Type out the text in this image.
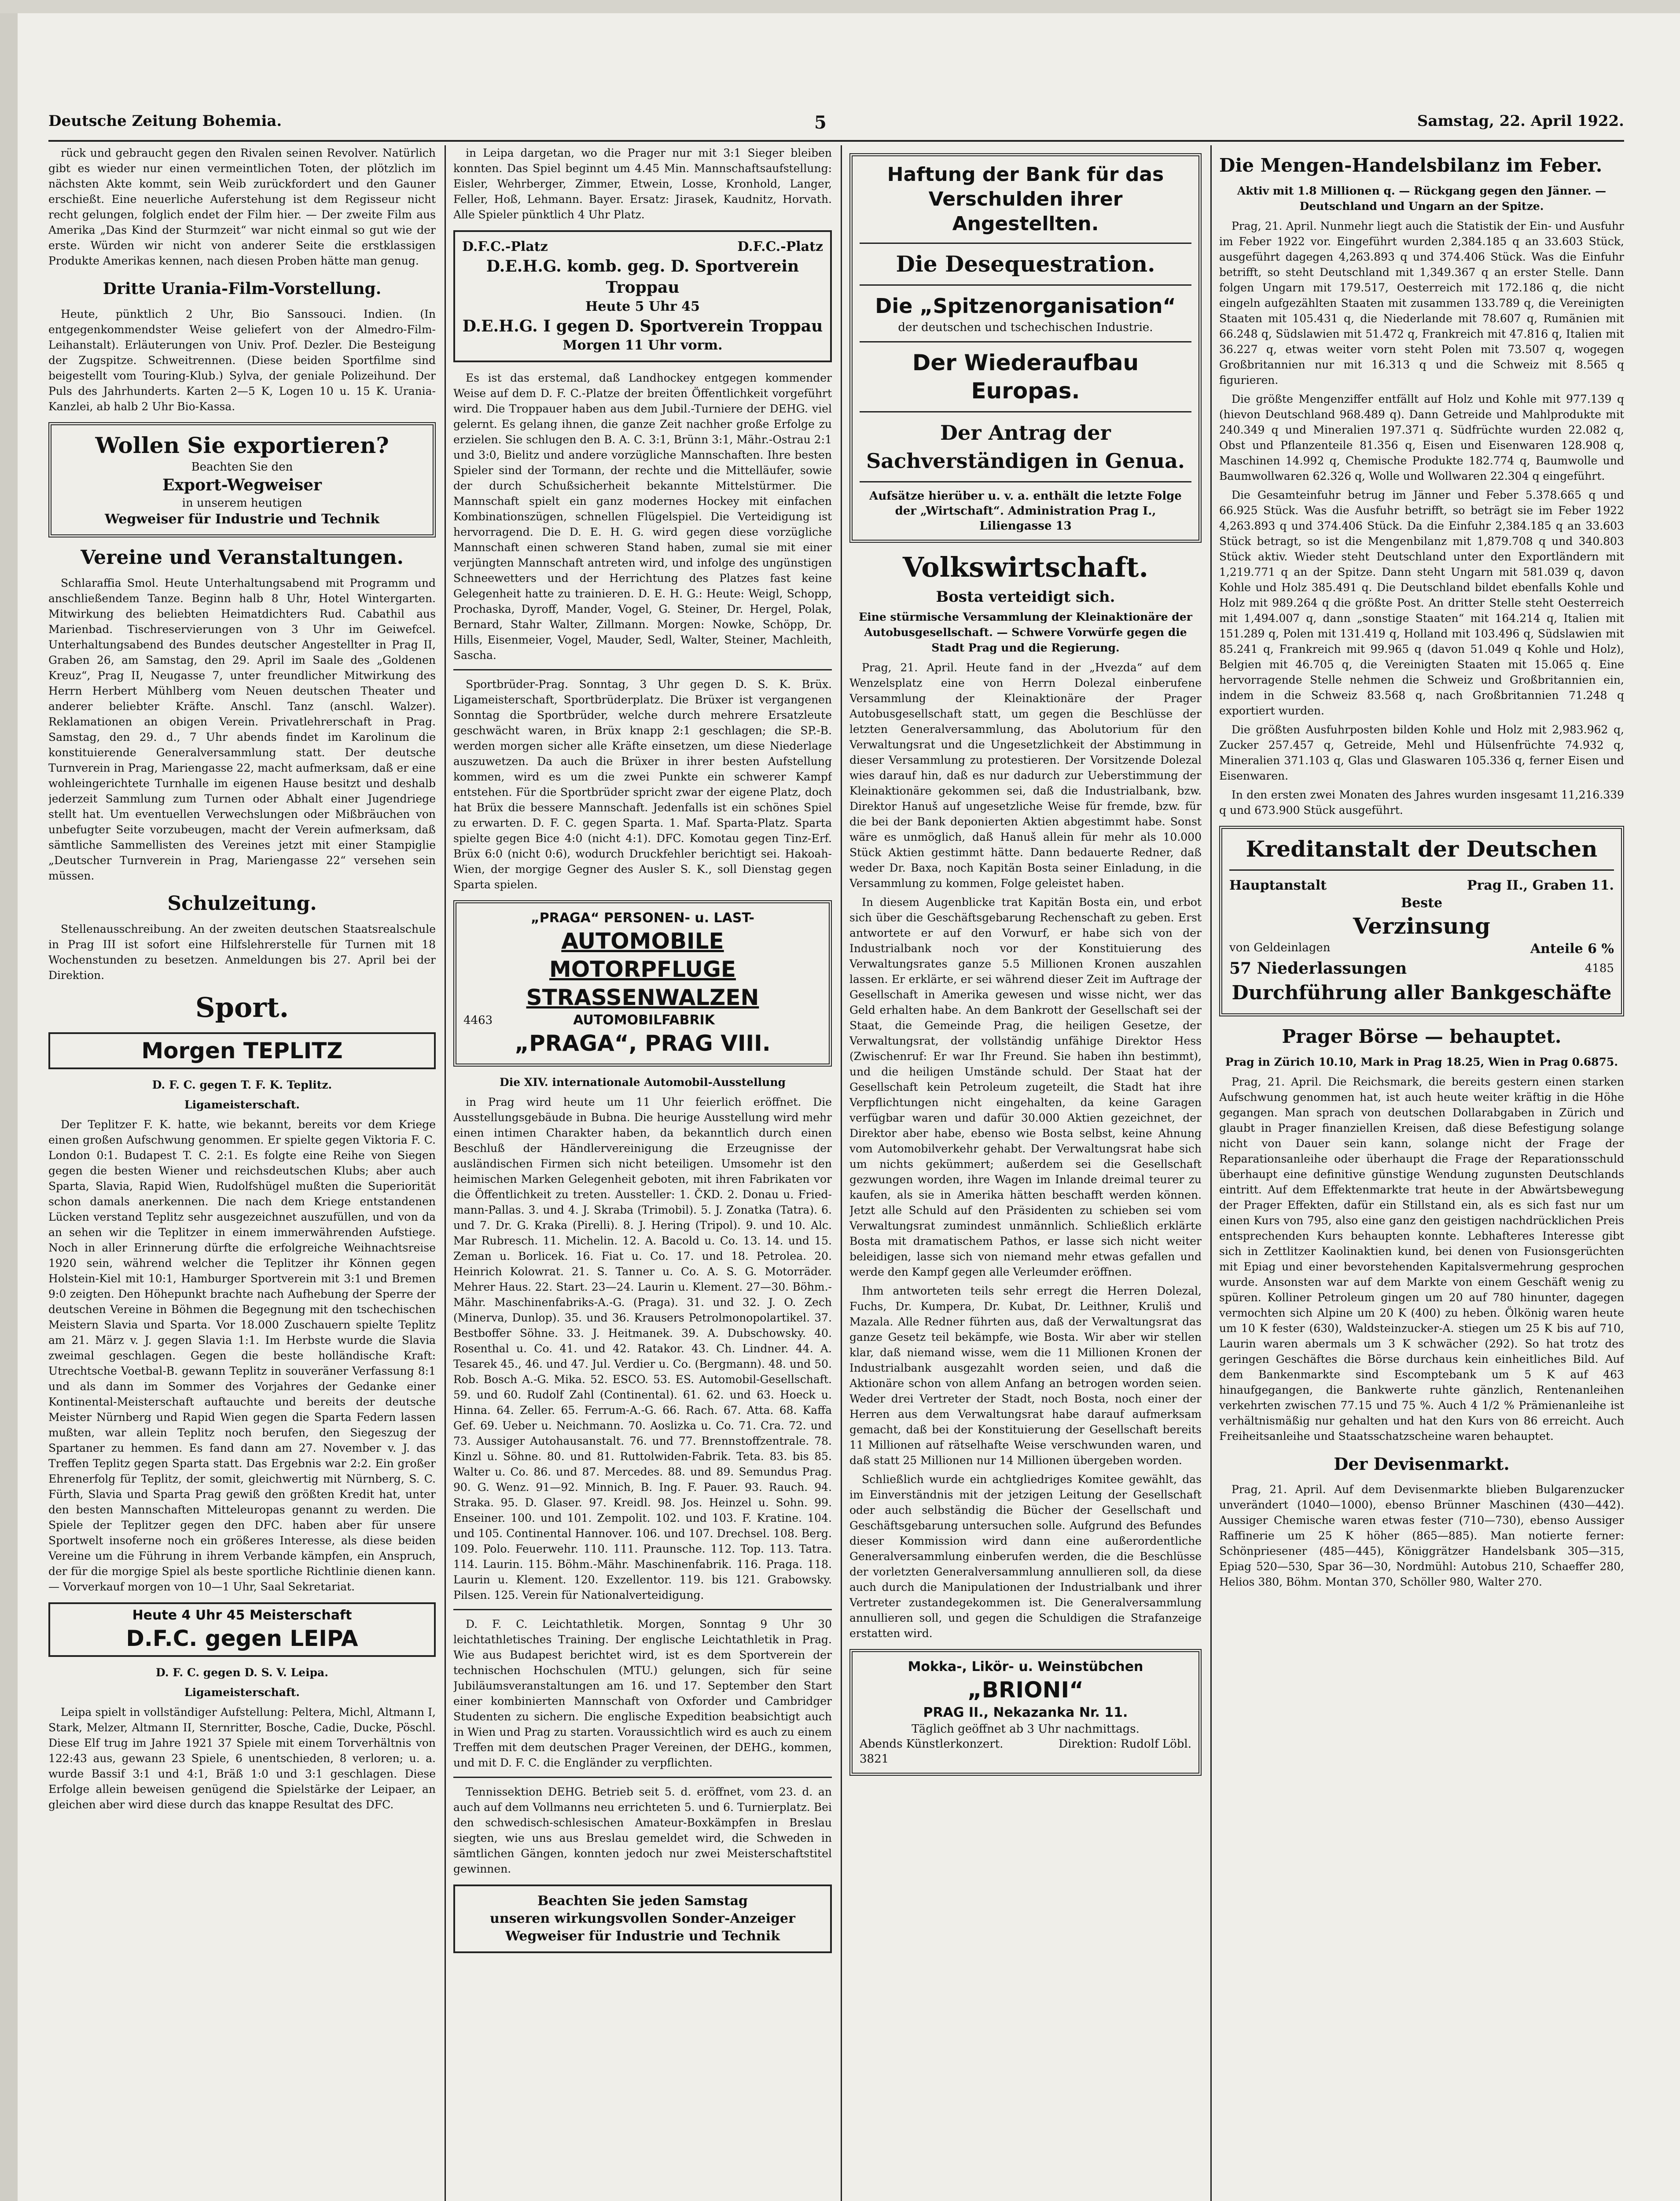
Deutsche Zeitung Bohemia.	5	Samstag, 22. April 1922.

rück und gebraucht gegen den Rivalen seinen Revolver. Natürlich gibt es wieder nur einen vermeintlichen Toten, der plötzlich im nächsten Akte kommt, sein Weib zurückfordert und den Gauner erschießt. Eine neuerliche Auferstehung ist dem Regisseur nicht recht gelungen, folglich endet der Film hier. — Der zweite Film aus Amerika „Das Kind der Sturmzeit“ war nicht einmal so gut wie der erste. Würden wir nicht von anderer Seite die erstklassigen Produkte Amerikas kennen, nach diesen Proben hätte man genug.

Dritte Urania-Film-Vorstellung.

Heute, pünktlich 2 Uhr, Bio Sanssouci. Indien. (In entgegenkommendster Weise geliefert von der Almedro-Film-Leihanstalt). Erläuterungen von Univ. Prof. Dezler. Die Besteigung der Zugspitze. Schweitrennen. (Diese beiden Sportfilme sind beigestellt vom Touring-Klub.) Sylva, der geniale Polizeihund. Der Puls des Jahrhunderts. Karten 2—5 K, Logen 10 u. 15 K. Urania-Kanzlei, ab halb 2 Uhr Bio-Kassa.

Wollen Sie exportieren?
Beachten Sie den
Export-Wegweiser
in unserem heutigen
Wegweiser für Industrie und Technik
Vereine und Veranstaltungen.

Schlaraffia Smol. Heute Unterhaltungsabend mit Programm und anschließendem Tanze. Beginn halb 8 Uhr, Hotel Wintergarten. Mitwirkung des beliebten Heimatdichters Rud. Cabathil aus Marienbad. Tischreservierungen von 3 Uhr im Geiwefcel. Unterhaltungsabend des Bundes deutscher Angestellter in Prag II, Graben 26, am Samstag, den 29. April im Saale des „Goldenen Kreuz“, Prag II, Neugasse 7, unter freundlicher Mitwirkung des Herrn Herbert Mühlberg vom Neuen deutschen Theater und anderer beliebter Kräfte. Anschl. Tanz (anschl. Walzer). Reklamationen an obigen Verein. Privatlehrerschaft in Prag. Samstag, den 29. d., 7 Uhr abends findet im Karolinum die konstituierende Generalversammlung statt. Der deutsche Turnverein in Prag, Mariengasse 22, macht aufmerksam, daß er eine wohleingerichtete Turnhalle im eigenen Hause besitzt und deshalb jederzeit Sammlung zum Turnen oder Abhalt einer Jugendriege stellt hat. Um eventuellen Verwechslungen oder Mißbräuchen von unbefugter Seite vorzubeugen, macht der Verein aufmerksam, daß sämtliche Sammellisten des Vereines jetzt mit einer Stampiglie „Deutscher Turnverein in Prag, Mariengasse 22“ versehen sein müssen.

Schulzeitung.

Stellenausschreibung. An der zweiten deutschen Staatsrealschule in Prag III ist sofort eine Hilfslehrerstelle für Turnen mit 18 Wochenstunden zu besetzen. Anmeldungen bis 27. April bei der Direktion.

Sport.
Morgen TEPLITZ
D. F. C. gegen T. F. K. Teplitz.
Ligameisterschaft.

Der Teplitzer F. K. hatte, wie bekannt, bereits vor dem Kriege einen großen Aufschwung genommen. Er spielte gegen Viktoria F. C. London 0:1. Budapest T. C. 2:1. Es folgte eine Reihe von Siegen gegen die besten Wiener und reichsdeutschen Klubs; aber auch Sparta, Slavia, Rapid Wien, Rudolfshügel mußten die Superiorität schon damals anerkennen. Die nach dem Kriege entstandenen Lücken verstand Teplitz sehr ausgezeichnet auszufüllen, und von da an sehen wir die Teplitzer in einem immerwährenden Aufstiege. Noch in aller Erinnerung dürfte die erfolgreiche Weihnachtsreise 1920 sein, während welcher die Teplitzer ihr Können gegen Holstein-Kiel mit 10:1, Hamburger Sportverein mit 3:1 und Bremen 9:0 zeigten. Den Höhepunkt brachte nach Aufhebung der Sperre der deutschen Vereine in Böhmen die Begegnung mit den tschechischen Meistern Slavia und Sparta. Vor 18.000 Zuschauern spielte Teplitz am 21. März v. J. gegen Slavia 1:1. Im Herbste wurde die Slavia zweimal geschlagen. Gegen die beste holländische Kraft: Utrechtsche Voetbal-B. gewann Teplitz in souveräner Verfassung 8:1 und als dann im Sommer des Vorjahres der Gedanke einer Kontinental-Meisterschaft auftauchte und bereits der deutsche Meister Nürnberg und Rapid Wien gegen die Sparta Federn lassen mußten, war allein Teplitz noch berufen, den Siegeszug der Spartaner zu hemmen. Es fand dann am 27. November v. J. das Treffen Teplitz gegen Sparta statt. Das Ergebnis war 2:2. Ein großer Ehrenerfolg für Teplitz, der somit, gleichwertig mit Nürnberg, S. C. Fürth, Slavia und Sparta Prag gewiß den größten Kredit hat, unter den besten Mannschaften Mitteleuropas genannt zu werden. Die Spiele der Teplitzer gegen den DFC. haben aber für unsere Sportwelt insoferne noch ein größeres Interesse, als diese beiden Vereine um die Führung in ihrem Verbande kämpfen, ein Anspruch, der für die morgige Spiel als beste sportliche Richtlinie dienen kann. — Vorverkauf morgen von 10—1 Uhr, Saal Sekretariat.

Heute 4 Uhr 45 Meisterschaft
D.F.C. gegen LEIPA
D. F. C. gegen D. S. V. Leipa.
Ligameisterschaft.

Leipa spielt in vollständiger Aufstellung: Peltera, Michl, Altmann I, Stark, Melzer, Altmann II, Sternritter, Bosche, Cadie, Ducke, Pöschl. Diese Elf trug im Jahre 1921 37 Spiele mit einem Torverhältnis von 122:43 aus, gewann 23 Spiele, 6 unentschieden, 8 verloren; u. a. wurde Bassif 3:1 und 4:1, Bräß 1:0 und 3:1 geschlagen. Diese Erfolge allein beweisen genügend die Spielstärke der Leipaer, an gleichen aber wird diese durch das knappe Resultat des DFC.

in Leipa dargetan, wo die Prager nur mit 3:1 Sieger bleiben konnten. Das Spiel beginnt um 4.45 Min. Mannschaftsaufstellung: Eisler, Wehrberger, Zimmer, Etwein, Losse, Kronhold, Langer, Feller, Hoß, Lehmann. Bayer. Ersatz: Jirasek, Kaudnitz, Horvath. Alle Spieler pünktlich 4 Uhr Platz.

D.F.C.-Platz	D.F.C.-Platz
D.E.H.G. komb. geg. D. Sportverein Troppau
Heute 5 Uhr 45
D.E.H.G. I gegen D. Sportverein Troppau
Morgen 11 Uhr vorm.

Es ist das erstemal, daß Landhockey entgegen kommender Weise auf dem D. F. C.-Platze der breiten Öffentlichkeit vorgeführt wird. Die Troppauer haben aus dem Jubil.-Turniere der DEHG. viel gelernt. Es gelang ihnen, die ganze Zeit nachher große Erfolge zu erzielen. Sie schlugen den B. A. C. 3:1, Brünn 3:1, Mähr.-Ostrau 2:1 und 3:0, Bielitz und andere vorzügliche Mannschaften. Ihre besten Spieler sind der Tormann, der rechte und die Mittelläufer, sowie der durch Schußsicherheit bekannte Mittelstürmer. Die Mannschaft spielt ein ganz modernes Hockey mit einfachen Kombinationszügen, schnellen Flügelspiel. Die Verteidigung ist hervorragend. Die D. E. H. G. wird gegen diese vorzügliche Mannschaft einen schweren Stand haben, zumal sie mit einer verjüngten Mannschaft antreten wird, und infolge des ungünstigen Schneewetters und der Herrichtung des Platzes fast keine Gelegenheit hatte zu trainieren. D. E. H. G.: Heute: Weigl, Schopp, Prochaska, Dyroff, Mander, Vogel, G. Steiner, Dr. Hergel, Polak, Bernard, Stahr Walter, Zillmann. Morgen: Nowke, Schöpp, Dr. Hills, Eisenmeier, Vogel, Mauder, Sedl, Walter, Steiner, Machleith, Sascha.

Sportbrüder-Prag. Sonntag, 3 Uhr gegen D. S. K. Brüx. Ligameisterschaft, Sportbrüderplatz. Die Brüxer ist vergangenen Sonntag die Sportbrüder, welche durch mehrere Ersatzleute geschwächt waren, in Brüx knapp 2:1 geschlagen; die SP.-B. werden morgen sicher alle Kräfte einsetzen, um diese Niederlage auszuwetzen. Da auch die Brüxer in ihrer besten Aufstellung kommen, wird es um die zwei Punkte ein schwerer Kampf entstehen. Für die Sportbrüder spricht zwar der eigene Platz, doch hat Brüx die bessere Mannschaft. Jedenfalls ist ein schönes Spiel zu erwarten. D. F. C. gegen Sparta. 1. Maf. Sparta-Platz. Sparta spielte gegen Bice 4:0 (nicht 4:1). DFC. Komotau gegen Tinz-Erf. Brüx 6:0 (nicht 0:6), wodurch Druckfehler berichtigt sei. Hakoah-Wien, der morgige Gegner des Ausler S. K., soll Dienstag gegen Sparta spielen.

„PRAGA“ PERSONEN- u. LAST-
AUTOMOBILE
MOTORPFLUGE
STRASSENWALZEN
4463	AUTOMOBILFABRIK
„PRAGA“, PRAG VIII.
Die XIV. internationale Automobil-Ausstellung

in Prag wird heute um 11 Uhr feierlich eröffnet. Die Ausstellungsgebäude in Bubna. Die heurige Ausstellung wird mehr einen intimen Charakter haben, da bekanntlich durch einen Beschluß der Händlervereinigung die Erzeugnisse der ausländischen Firmen sich nicht beteiligen. Umsomehr ist den heimischen Marken Gelegenheit geboten, mit ihren Fabrikaten vor die Öffentlichkeit zu treten. Aussteller: 1. ČKD. 2. Donau u. Fried-mann-Pallas. 3. und 4. J. Skraba (Trimobil). 5. J. Zonatka (Tatra). 6. und 7. Dr. G. Kraka (Pirelli). 8. J. Hering (Tripol). 9. und 10. Alc. Mar Rubresch. 11. Michelin. 12. A. Bacold u. Co. 13. 14. und 15. Zeman u. Borlicek. 16. Fiat u. Co. 17. und 18. Petrolea. 20. Heinrich Kolowrat. 21. S. Tanner u. Co. A. S. G. Motorräder. Mehrer Haus. 22. Start. 23—24. Laurin u. Klement. 27—30. Böhm.-Mähr. Maschinenfabriks-A.-G. (Praga). 31. und 32. J. O. Zech (Minerva, Dunlop). 35. und 36. Krausers Petrolmonopolartikel. 37. Bestboffer Söhne. 33. J. Heitmanek. 39. A. Dubschowsky. 40. Rosenthal u. Co. 41. und 42. Ratakor. 43. Ch. Lindner. 44. A. Tesarek 45., 46. und 47. Jul. Verdier u. Co. (Bergmann). 48. und 50. Rob. Bosch A.-G. Mika. 52. ESCO. 53. ES. Automobil-Gesellschaft. 59. und 60. Rudolf Zahl (Continental). 61. 62. und 63. Hoeck u. Hinna. 64. Zeller. 65. Ferrum-A.-G. 66. Rach. 67. Atta. 68. Kaffa Gef. 69. Ueber u. Neichmann. 70. Aoslizka u. Co. 71. Cra. 72. und 73. Aussiger Autohausanstalt. 76. und 77. Brennstoffzentrale. 78. Kinzl u. Söhne. 80. und 81. Ruttolwiden-Fabrik. Teta. 83. bis 85. Walter u. Co. 86. und 87. Mercedes. 88. und 89. Semundus Prag. 90. G. Wenz. 91—92. Minnich, B. Ing. F. Pauer. 93. Rauch. 94. Straka. 95. D. Glaser. 97. Kreidl. 98. Jos. Heinzel u. Sohn. 99. Enseiner. 100. und 101. Zempolit. 102. und 103. F. Kratine. 104. und 105. Continental Hannover. 106. und 107. Drechsel. 108. Berg. 109. Polo. Feuerwehr. 110. 111. Praunsche. 112. Top. 113. Tatra. 114. Laurin. 115. Böhm.-Mähr. Maschinenfabrik. 116. Praga. 118. Laurin u. Klement. 120. Exzellentor. 119. bis 121. Grabowsky. Pilsen. 125. Verein für Nationalverteidigung.

D. F. C. Leichtathletik. Morgen, Sonntag 9 Uhr 30 leichtathletisches Training. Der englische Leichtathletik in Prag. Wie aus Budapest berichtet wird, ist es dem Sportverein der technischen Hochschulen (MTU.) gelungen, sich für seine Jubiläumsveranstaltungen am 16. und 17. September den Start einer kombinierten Mannschaft von Oxforder und Cambridger Studenten zu sichern. Die englische Expedition beabsichtigt auch in Wien und Prag zu starten. Voraussichtlich wird es auch zu einem Treffen mit dem deutschen Prager Vereinen, der DEHG., kommen, und mit D. F. C. die Engländer zu verpflichten.

Tennissektion DEHG. Betrieb seit 5. d. eröffnet, vom 23. d. an auch auf dem Vollmanns neu errichteten 5. und 6. Turnierplatz. Bei den schwedisch-schlesischen Amateur-Boxkämpfen in Breslau siegten, wie uns aus Breslau gemeldet wird, die Schweden in sämtlichen Gängen, konnten jedoch nur zwei Meisterschaftstitel gewinnen.

Beachten Sie jeden Samstag
unseren wirkungsvollen Sonder-Anzeiger
Wegweiser für Industrie und Technik
Haftung der Bank für das Verschulden ihrer Angestellten.
Die Desequestration.
Die „Spitzenorganisation“
der deutschen und tschechischen Industrie.
Der Wiederaufbau Europas.
Der Antrag der Sachverständigen in Genua.
Aufsätze hierüber u. v. a. enthält die letzte Folge der „Wirtschaft“. Administration Prag I., Liliengasse 13
Volkswirtschaft.
Bosta verteidigt sich.
Eine stürmische Versammlung der Kleinaktionäre der Autobusgesellschaft. — Schwere Vorwürfe gegen die Stadt Prag und die Regierung.

Prag, 21. April. Heute fand in der „Hvezda“ auf dem Wenzelsplatz eine von Herrn Dolezal einberufene Versammlung der Kleinaktionäre der Prager Autobusgesellschaft statt, um gegen die Beschlüsse der letzten Generalversammlung, das Abolutorium für den Verwaltungsrat und die Ungesetzlichkeit der Abstimmung in dieser Versammlung zu protestieren. Der Vorsitzende Dolezal wies darauf hin, daß es nur dadurch zur Ueberstimmung der Kleinaktionäre gekommen sei, daß die Industrialbank, bzw. Direktor Hanuš auf ungesetzliche Weise für fremde, bzw. für die bei der Bank deponierten Aktien abgestimmt habe. Sonst wäre es unmöglich, daß Hanuš allein für mehr als 10.000 Stück Aktien gestimmt hätte. Dann bedauerte Redner, daß weder Dr. Baxa, noch Kapitän Bosta seiner Einladung, in die Versammlung zu kommen, Folge geleistet haben.

In diesem Augenblicke trat Kapitän Bosta ein, und erbot sich über die Geschäftsgebarung Rechenschaft zu geben. Erst antwortete er auf den Vorwurf, er habe sich von der Industrialbank noch vor der Konstituierung des Verwaltungsrates ganze 5.5 Millionen Kronen auszahlen lassen. Er erklärte, er sei während dieser Zeit im Auftrage der Gesellschaft in Amerika gewesen und wisse nicht, wer das Geld erhalten habe. An dem Bankrott der Gesellschaft sei der Staat, die Gemeinde Prag, die heiligen Gesetze, der Verwaltungsrat, der vollständig unfähige Direktor Hess (Zwischenruf: Er war Ihr Freund. Sie haben ihn bestimmt), und die heiligen Umstände schuld. Der Staat hat der Gesellschaft kein Petroleum zugeteilt, die Stadt hat ihre Verpflichtungen nicht eingehalten, da keine Garagen verfügbar waren und dafür 30.000 Aktien gezeichnet, der Direktor aber habe, ebenso wie Bosta selbst, keine Ahnung vom Automobilverkehr gehabt. Der Verwaltungsrat habe sich um nichts gekümmert; außerdem sei die Gesellschaft gezwungen worden, ihre Wagen im Inlande dreimal teurer zu kaufen, als sie in Amerika hätten beschafft werden können. Jetzt alle Schuld auf den Präsidenten zu schieben sei vom Verwaltungsrat zumindest unmännlich. Schließlich erklärte Bosta mit dramatischem Pathos, er lasse sich nicht weiter beleidigen, lasse sich von niemand mehr etwas gefallen und werde den Kampf gegen alle Verleumder eröffnen.

Ihm antworteten teils sehr erregt die Herren Dolezal, Fuchs, Dr. Kumpera, Dr. Kubat, Dr. Leithner, Kruliš und Mazala. Alle Redner führten aus, daß der Verwaltungsrat das ganze Gesetz teil bekämpfe, wie Bosta. Wir aber wir stellen klar, daß niemand wisse, wem die 11 Millionen Kronen der Industrialbank ausgezahlt worden seien, und daß die Aktionäre schon von allem Anfang an betrogen worden seien. Weder drei Vertreter der Stadt, noch Bosta, noch einer der Herren aus dem Verwaltungsrat habe darauf aufmerksam gemacht, daß bei der Konstituierung der Gesellschaft bereits 11 Millionen auf rätselhafte Weise verschwunden waren, und daß statt 25 Millionen nur 14 Millionen übergeben worden.

Schließlich wurde ein achtgliedriges Komitee gewählt, das im Einverständnis mit der jetzigen Leitung der Gesellschaft oder auch selbständig die Bücher der Gesellschaft und Geschäftsgebarung untersuchen solle. Aufgrund des Befundes dieser Kommission wird dann eine außerordentliche Generalversammlung einberufen werden, die die Beschlüsse der vorletzten Generalversammlung annullieren soll, da diese auch durch die Manipulationen der Industrialbank und ihrer Vertreter zustandegekommen ist. Die Generalversammlung annullieren soll, und gegen die Schuldigen die Strafanzeige erstatten wird.

Mokka-, Likör- u. Weinstübchen
„BRIONI“
PRAG II., Nekazanka Nr. 11.
Täglich geöffnet ab 3 Uhr nachmittags.
Abends Künstlerkonzert.	Direktion: Rudolf Löbl.
3821
Die Mengen-Handelsbilanz im Feber.
Aktiv mit 1.8 Millionen q. — Rückgang gegen den Jänner. — Deutschland und Ungarn an der Spitze.

Prag, 21. April. Nunmehr liegt auch die Statistik der Ein- und Ausfuhr im Feber 1922 vor. Eingeführt wurden 2,384.185 q an 33.603 Stück, ausgeführt dagegen 4,263.893 q und 374.406 Stück. Was die Einfuhr betrifft, so steht Deutschland mit 1,349.367 q an erster Stelle. Dann folgen Ungarn mit 179.517, Oesterreich mit 172.186 q, die nicht eingeln aufgezählten Staaten mit zusammen 133.789 q, die Vereinigten Staaten mit 105.431 q, die Niederlande mit 78.607 q, Rumänien mit 66.248 q, Südslawien mit 51.472 q, Frankreich mit 47.816 q, Italien mit 36.227 q, etwas weiter vorn steht Polen mit 73.507 q, wogegen Großbritannien nur mit 16.313 q und die Schweiz mit 8.565 q figurieren.

Die größte Mengenziffer entfällt auf Holz und Kohle mit 977.139 q (hievon Deutschland 968.489 q). Dann Getreide und Mahlprodukte mit 240.349 q und Mineralien 197.371 q. Südfrüchte wurden 22.082 q, Obst und Pflanzenteile 81.356 q, Eisen und Eisenwaren 128.908 q, Maschinen 14.992 q, Chemische Produkte 182.774 q, Baumwolle und Baumwollwaren 62.326 q, Wolle und Wollwaren 22.304 q eingeführt.

Die Gesamteinfuhr betrug im Jänner und Feber 5.378.665 q und 66.925 Stück. Was die Ausfuhr betrifft, so beträgt sie im Feber 1922 4,263.893 q und 374.406 Stück. Da die Einfuhr 2,384.185 q an 33.603 Stück betragt, so ist die Mengenbilanz mit 1,879.708 q und 340.803 Stück aktiv. Wieder steht Deutschland unter den Exportländern mit 1,219.771 q an der Spitze. Dann steht Ungarn mit 581.039 q, davon Kohle und Holz 385.491 q. Die Deutschland bildet ebenfalls Kohle und Holz mit 989.264 q die größte Post. An dritter Stelle steht Oesterreich mit 1,494.007 q, dann „sonstige Staaten“ mit 164.214 q, Italien mit 151.289 q, Polen mit 131.419 q, Holland mit 103.496 q, Südslawien mit 85.241 q, Frankreich mit 99.965 q (davon 51.049 q Kohle und Holz), Belgien mit 46.705 q, die Vereinigten Staaten mit 15.065 q. Eine hervorragende Stelle nehmen die Schweiz und Großbritannien ein, indem in die Schweiz 83.568 q, nach Großbritannien 71.248 q exportiert wurden.

Die größten Ausfuhrposten bilden Kohle und Holz mit 2,983.962 q, Zucker 257.457 q, Getreide, Mehl und Hülsenfrüchte 74.932 q, Mineralien 371.103 q, Glas und Glaswaren 105.336 q, ferner Eisen und Eisenwaren.

In den ersten zwei Monaten des Jahres wurden insgesamt 11,216.339 q und 673.900 Stück ausgeführt.

Kreditanstalt der Deutschen
Hauptanstalt	Prag II., Graben 11.
Beste
Verzinsung
von Geldeinlagen	Anteile 6 %
57 Niederlassungen	4185
Durchführung aller Bankgeschäfte
Prager Börse — behauptet.
Prag in Zürich 10.10, Mark in Prag 18.25, Wien in Prag 0.6875.

Prag, 21. April. Die Reichsmark, die bereits gestern einen starken Aufschwung genommen hat, ist auch heute weiter kräftig in die Höhe gegangen. Man sprach von deutschen Dollarabgaben in Zürich und glaubt in Prager finanziellen Kreisen, daß diese Befestigung solange nicht von Dauer sein kann, solange nicht der Frage der Reparationsanleihe oder überhaupt die Frage der Reparationsschuld überhaupt eine definitive günstige Wendung zugunsten Deutschlands eintritt. Auf dem Effektenmarkte trat heute in der Abwärtsbewegung der Prager Effekten, dafür ein Stillstand ein, als es sich fast nur um einen Kurs von 795, also eine ganz den geistigen nachdrücklichen Preis entsprechenden Kurs behaupten konnte. Lebhafteres Interesse gibt sich in Zettlitzer Kaolinaktien kund, bei denen von Fusionsgerüchten mit Epiag und einer bevorstehenden Kapitalsvermehrung gesprochen wurde. Ansonsten war auf dem Markte von einem Geschäft wenig zu spüren. Kolliner Petroleum gingen um 20 auf 780 hinunter, dagegen vermochten sich Alpine um 20 K (400) zu heben. Ölkönig waren heute um 10 K fester (630), Waldsteinzucker-A. stiegen um 25 K bis auf 710, Laurin waren abermals um 3 K schwächer (292). So hat trotz des geringen Geschäftes die Börse durchaus kein einheitliches Bild. Auf dem Bankenmarkte sind Escomptebank um 5 K auf 463 hinaufgegangen, die Bankwerte ruhte gänzlich, Rentenanleihen verkehrten zwischen 77.15 und 75 %. Auch 4 1/2 % Prämienanleihe ist verhältnismäßig nur gehalten und hat den Kurs von 86 erreicht. Auch Freiheitsanleihe und Staatsschatzscheine waren behauptet.

Der Devisenmarkt.

Prag, 21. April. Auf dem Devisenmarkte blieben Bulgarenzucker unverändert (1040—1000), ebenso Brünner Maschinen (430—442). Aussiger Chemische waren etwas fester (710—730), ebenso Aussiger Raffinerie um 25 K höher (865—885). Man notierte ferner: Schönpriesener (485—445), Königgrätzer Handelsbank 305—315, Epiag 520—530, Spar 36—30, Nordmühl: Autobus 210, Schaeffer 280, Helios 380, Böhm. Montan 370, Schöller 980, Walter 270.
